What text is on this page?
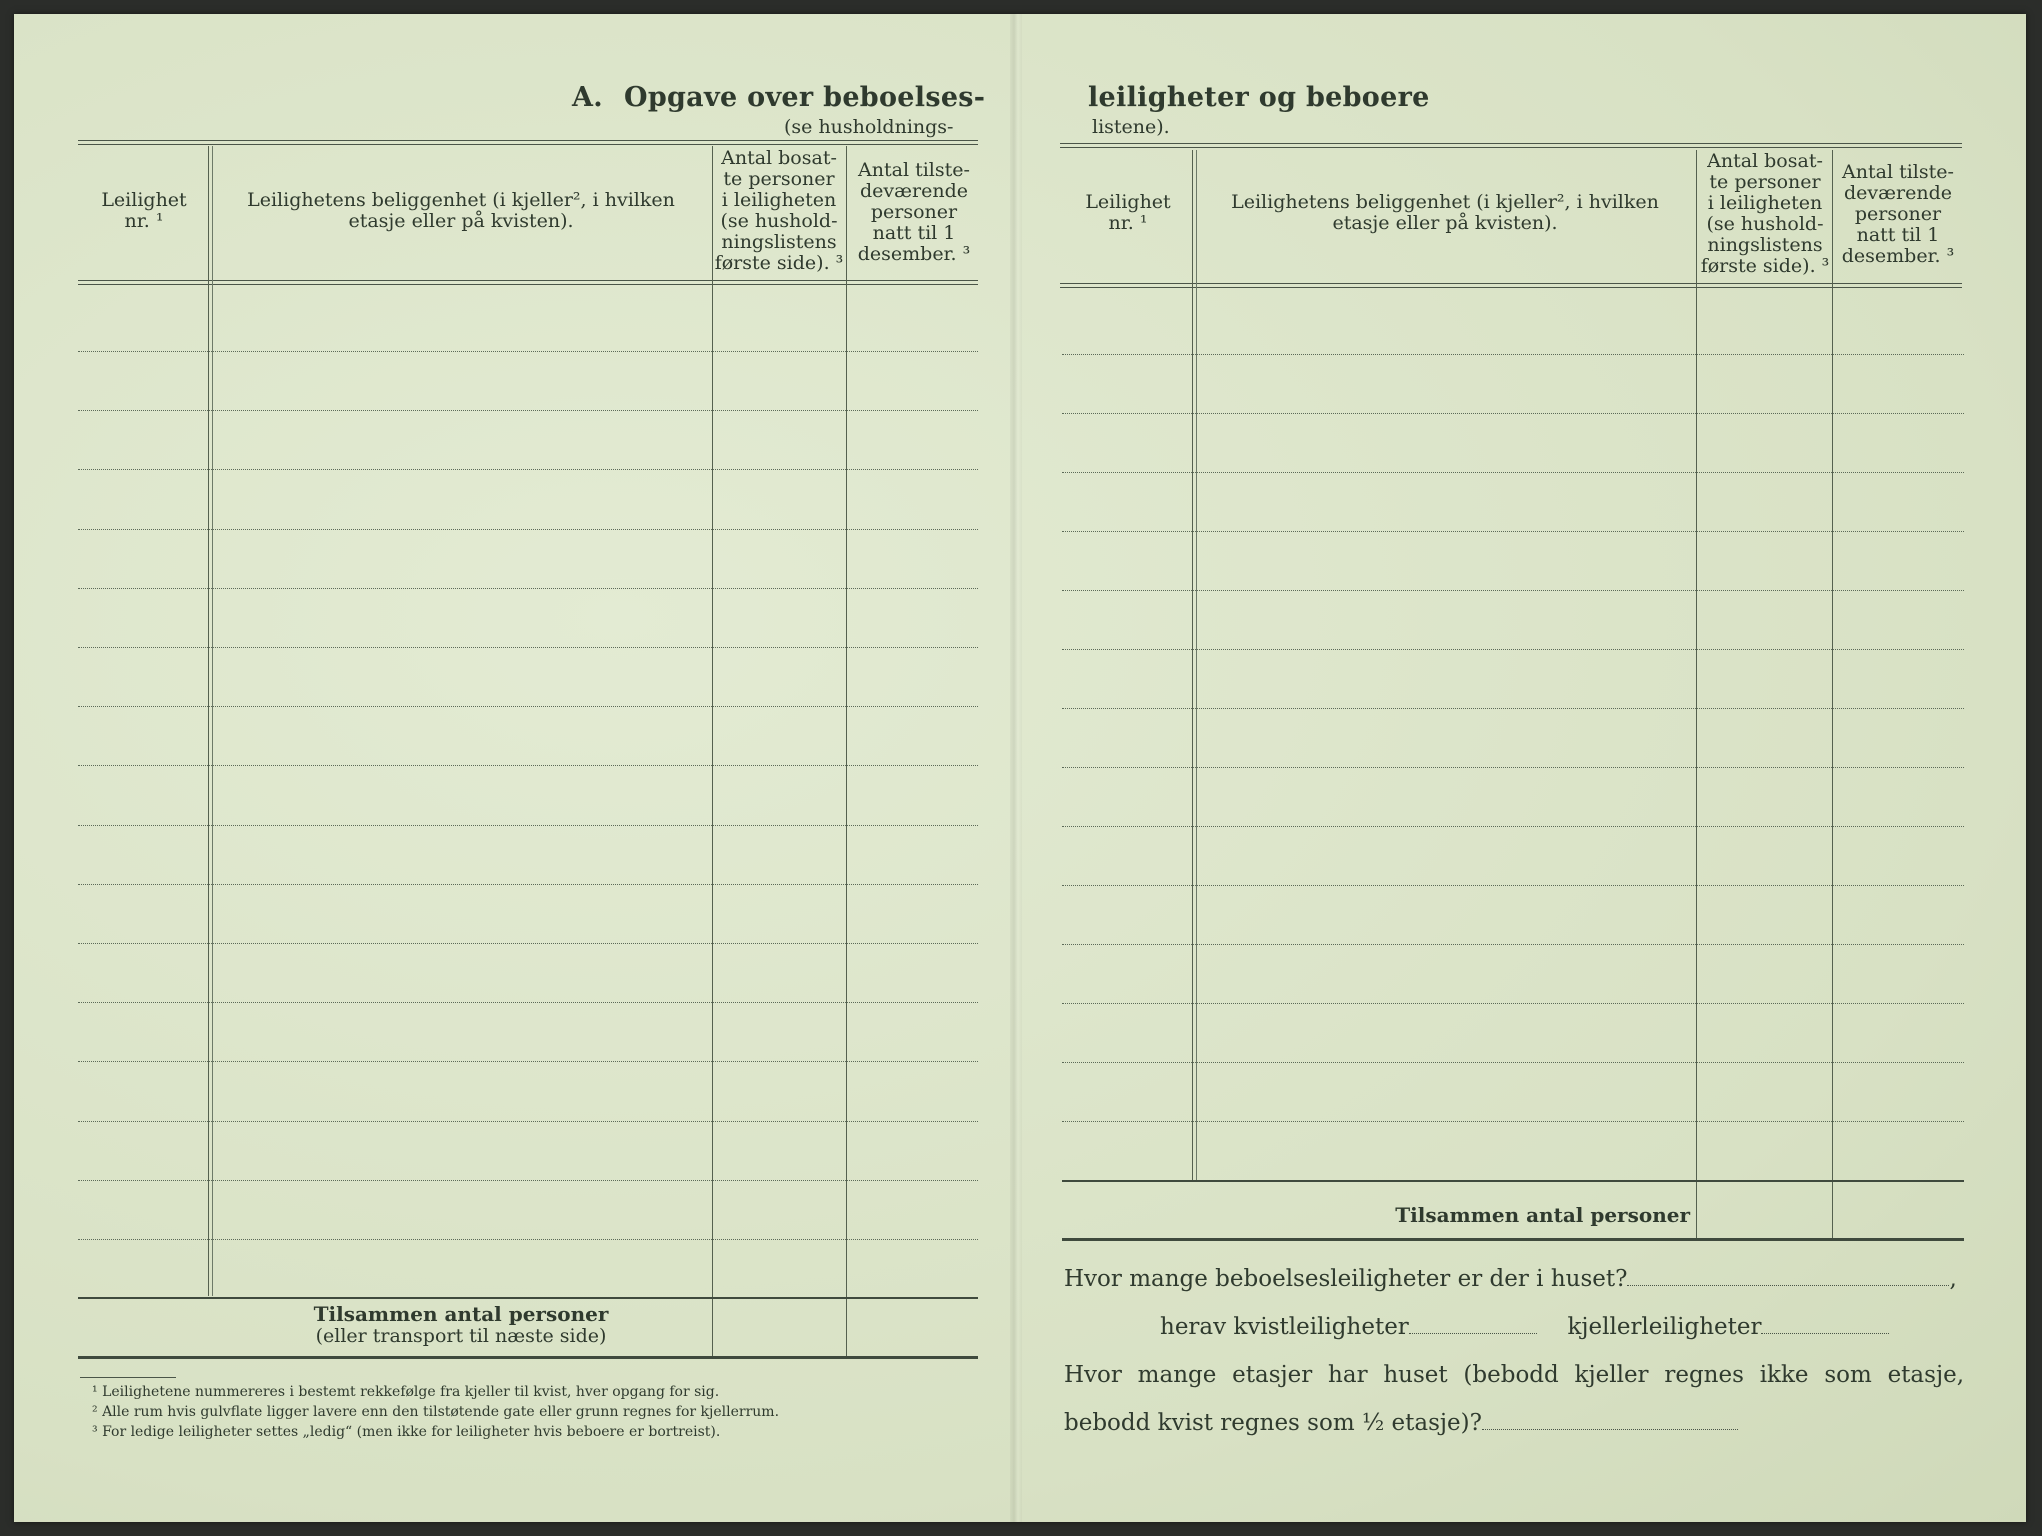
A. Opgave over beboelses-
(se husholdnings-
Leilighet
nr. ¹
Leilighetens beliggenhet (i kjeller², i hvilken
etasje eller på kvisten).
Antal bosat-
te personer
i leiligheten
(se hushold-
ningslistens
første side). ³
Antal tilste-
deværende
personer
natt til 1
desember. ³
Tilsammen antal personer
(eller transport til næste side)
¹ Leilighetene nummereres i bestemt rekkefølge fra kjeller til kvist, hver opgang for sig.
² Alle rum hvis gulvflate ligger lavere enn den tilstøtende gate eller grunn regnes for kjellerrum.
³ For ledige leiligheter settes „ledig“ (men ikke for leiligheter hvis beboere er bortreist).
leiligheter og beboere
listene).
Leilighet
nr. ¹
Leilighetens beliggenhet (i kjeller², i hvilken
etasje eller på kvisten).
Antal bosat-
te personer
i leiligheten
(se hushold-
ningslistens
første side). ³
Antal tilste-
deværende
personer
natt til 1
desember. ³
Tilsammen antal personer
Hvor mange beboelsesleiligheter er der i huset?	,
herav kvistleiligheter	kjellerleiligheter
Hvor mange etasjer har huset (bebodd kjeller regnes ikke som etasje,
bebodd kvist regnes som ½ etasje)?
